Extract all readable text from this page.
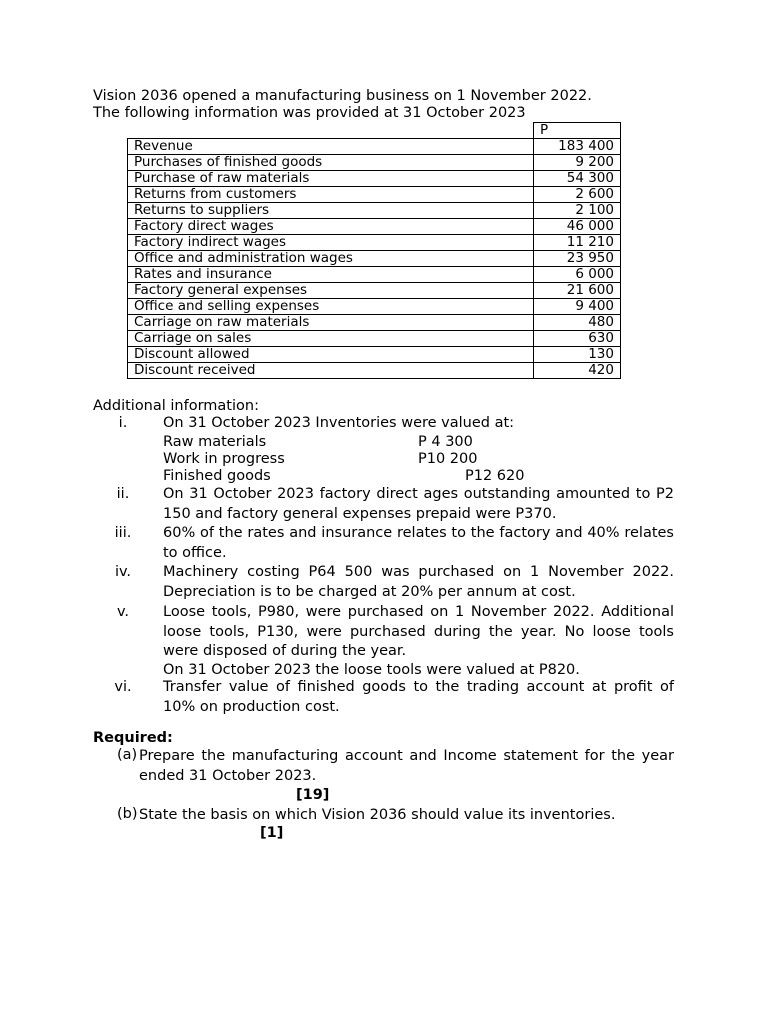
Vision 2036 opened a manufacturing business on 1 November 2022.
The following information was provided at 31 October 2023
	P
Revenue	183 400
Purchases of finished goods	9 200
Purchase of raw materials	54 300
Returns from customers	2 600
Returns to suppliers	2 100
Factory direct wages	46 000
Factory indirect wages	11 210
Office and administration wages	23 950
Rates and insurance	6 000
Factory general expenses	21 600
Office and selling expenses	9 400
Carriage on raw materials	480
Carriage on sales	630
Discount allowed	130
Discount received	420
Additional information:
i.	On 31 October 2023 Inventories were valued at:
Raw materials	P 4 300
Work in progress	P10 200
Finished goods	P12 620
ii.	On 31 October 2023 factory direct ages outstanding amounted to P2 150 and factory general expenses prepaid were P370.
iii.	60% of the rates and insurance relates to the factory and 40% relates to office.
iv.	Machinery costing P64 500 was purchased on 1 November 2022. Depreciation is to be charged at 20% per annum at cost.
v.	Loose tools, P980, were purchased on 1 November 2022. Additional loose tools, P130, were purchased during the year. No loose tools were disposed of during the year.
On 31 October 2023 the loose tools were valued at P820.
vi.	Transfer value of finished goods to the trading account at profit of 10% on production cost.
Required:
(a) Prepare the manufacturing account and Income statement for the year ended 31 October 2023.
[19]
(b) State the basis on which Vision 2036 should value its inventories.
[1]
